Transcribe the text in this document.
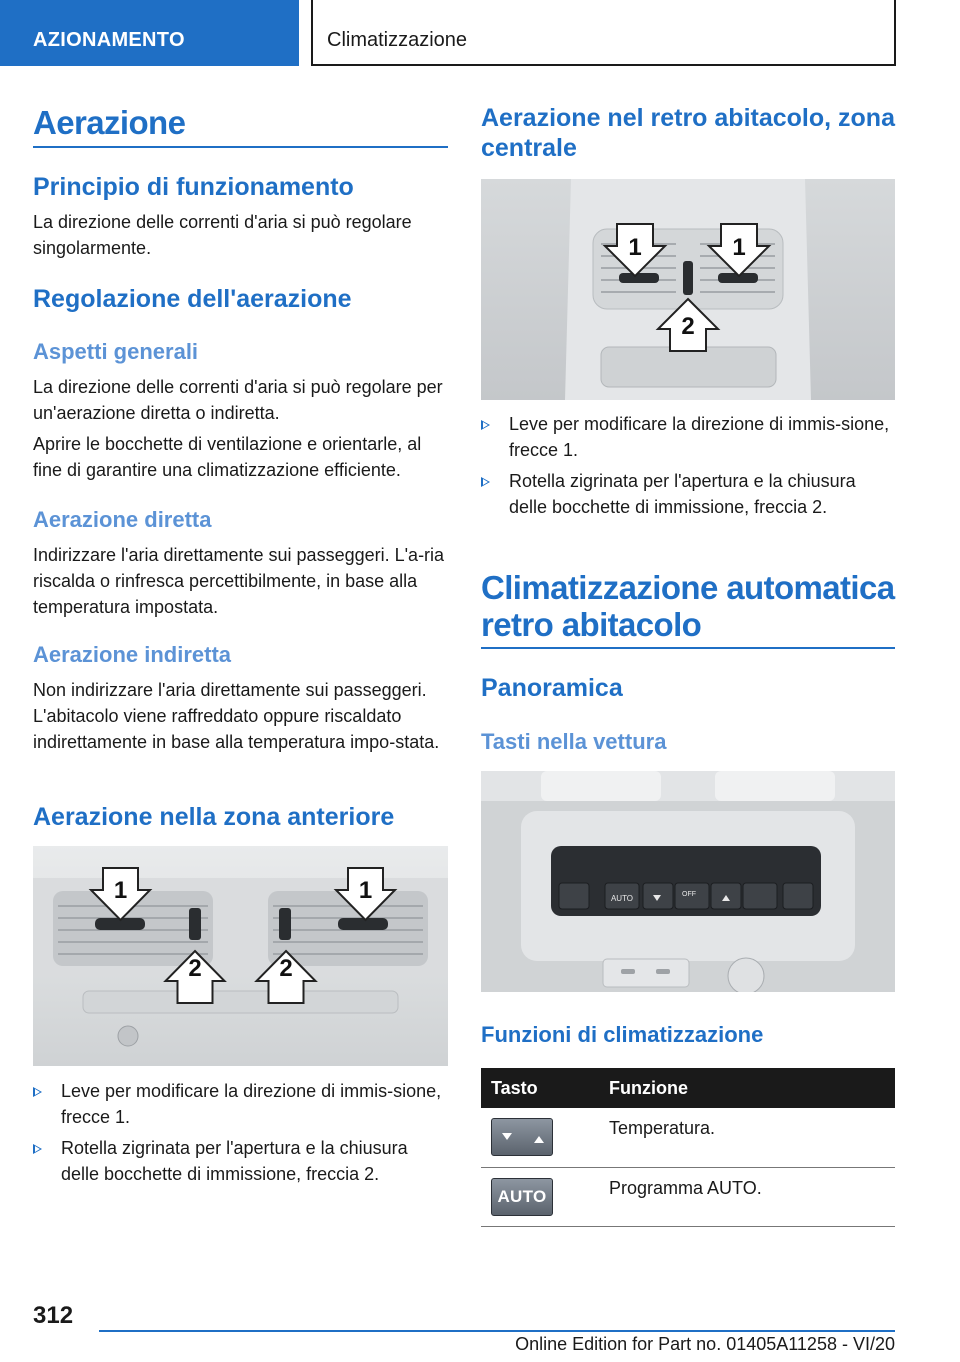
AZIONAMENTO	Climatizzazione
Aerazione
Principio di funzionamento
La direzione delle correnti d'aria si può regolare singolarmente.
Regolazione dell'aerazione
Aspetti generali
La direzione delle correnti d'aria si può regolare per un'aerazione diretta o indiretta.
Aprire le bocchette di ventilazione e orientarle, al fine di garantire una climatizzazione efficiente.
Aerazione diretta
Indirizzare l'aria direttamente sui passeggeri. L'a-ria riscalda o rinfresca percettibilmente, in base alla temperatura impostata.
Aerazione indiretta
Non indirizzare l'aria direttamente sui passeggeri. L'abitacolo viene raffreddato oppure riscaldato indirettamente in base alla temperatura impo-stata.
Aerazione nella zona anteriore
1	1
2	2
Leve per modificare la direzione di immis-sione, frecce 1.
Rotella zigrinata per l'apertura e la chiusura delle bocchette di immissione, freccia 2.
Aerazione nel retro abitacolo, zona centrale
1	1
2
Leve per modificare la direzione di immis-sione, frecce 1.
Rotella zigrinata per l'apertura e la chiusura delle bocchette di immissione, freccia 2.
Climatizzazione automatica retro abitacolo
Panoramica
Tasti nella vettura
AUTO	OFF
Funzioni di climatizzazione
Tasto	Funzione

	Temperatura.
AUTO	Programma AUTO.
312
Online Edition for Part no. 01405A11258 - VI/20
